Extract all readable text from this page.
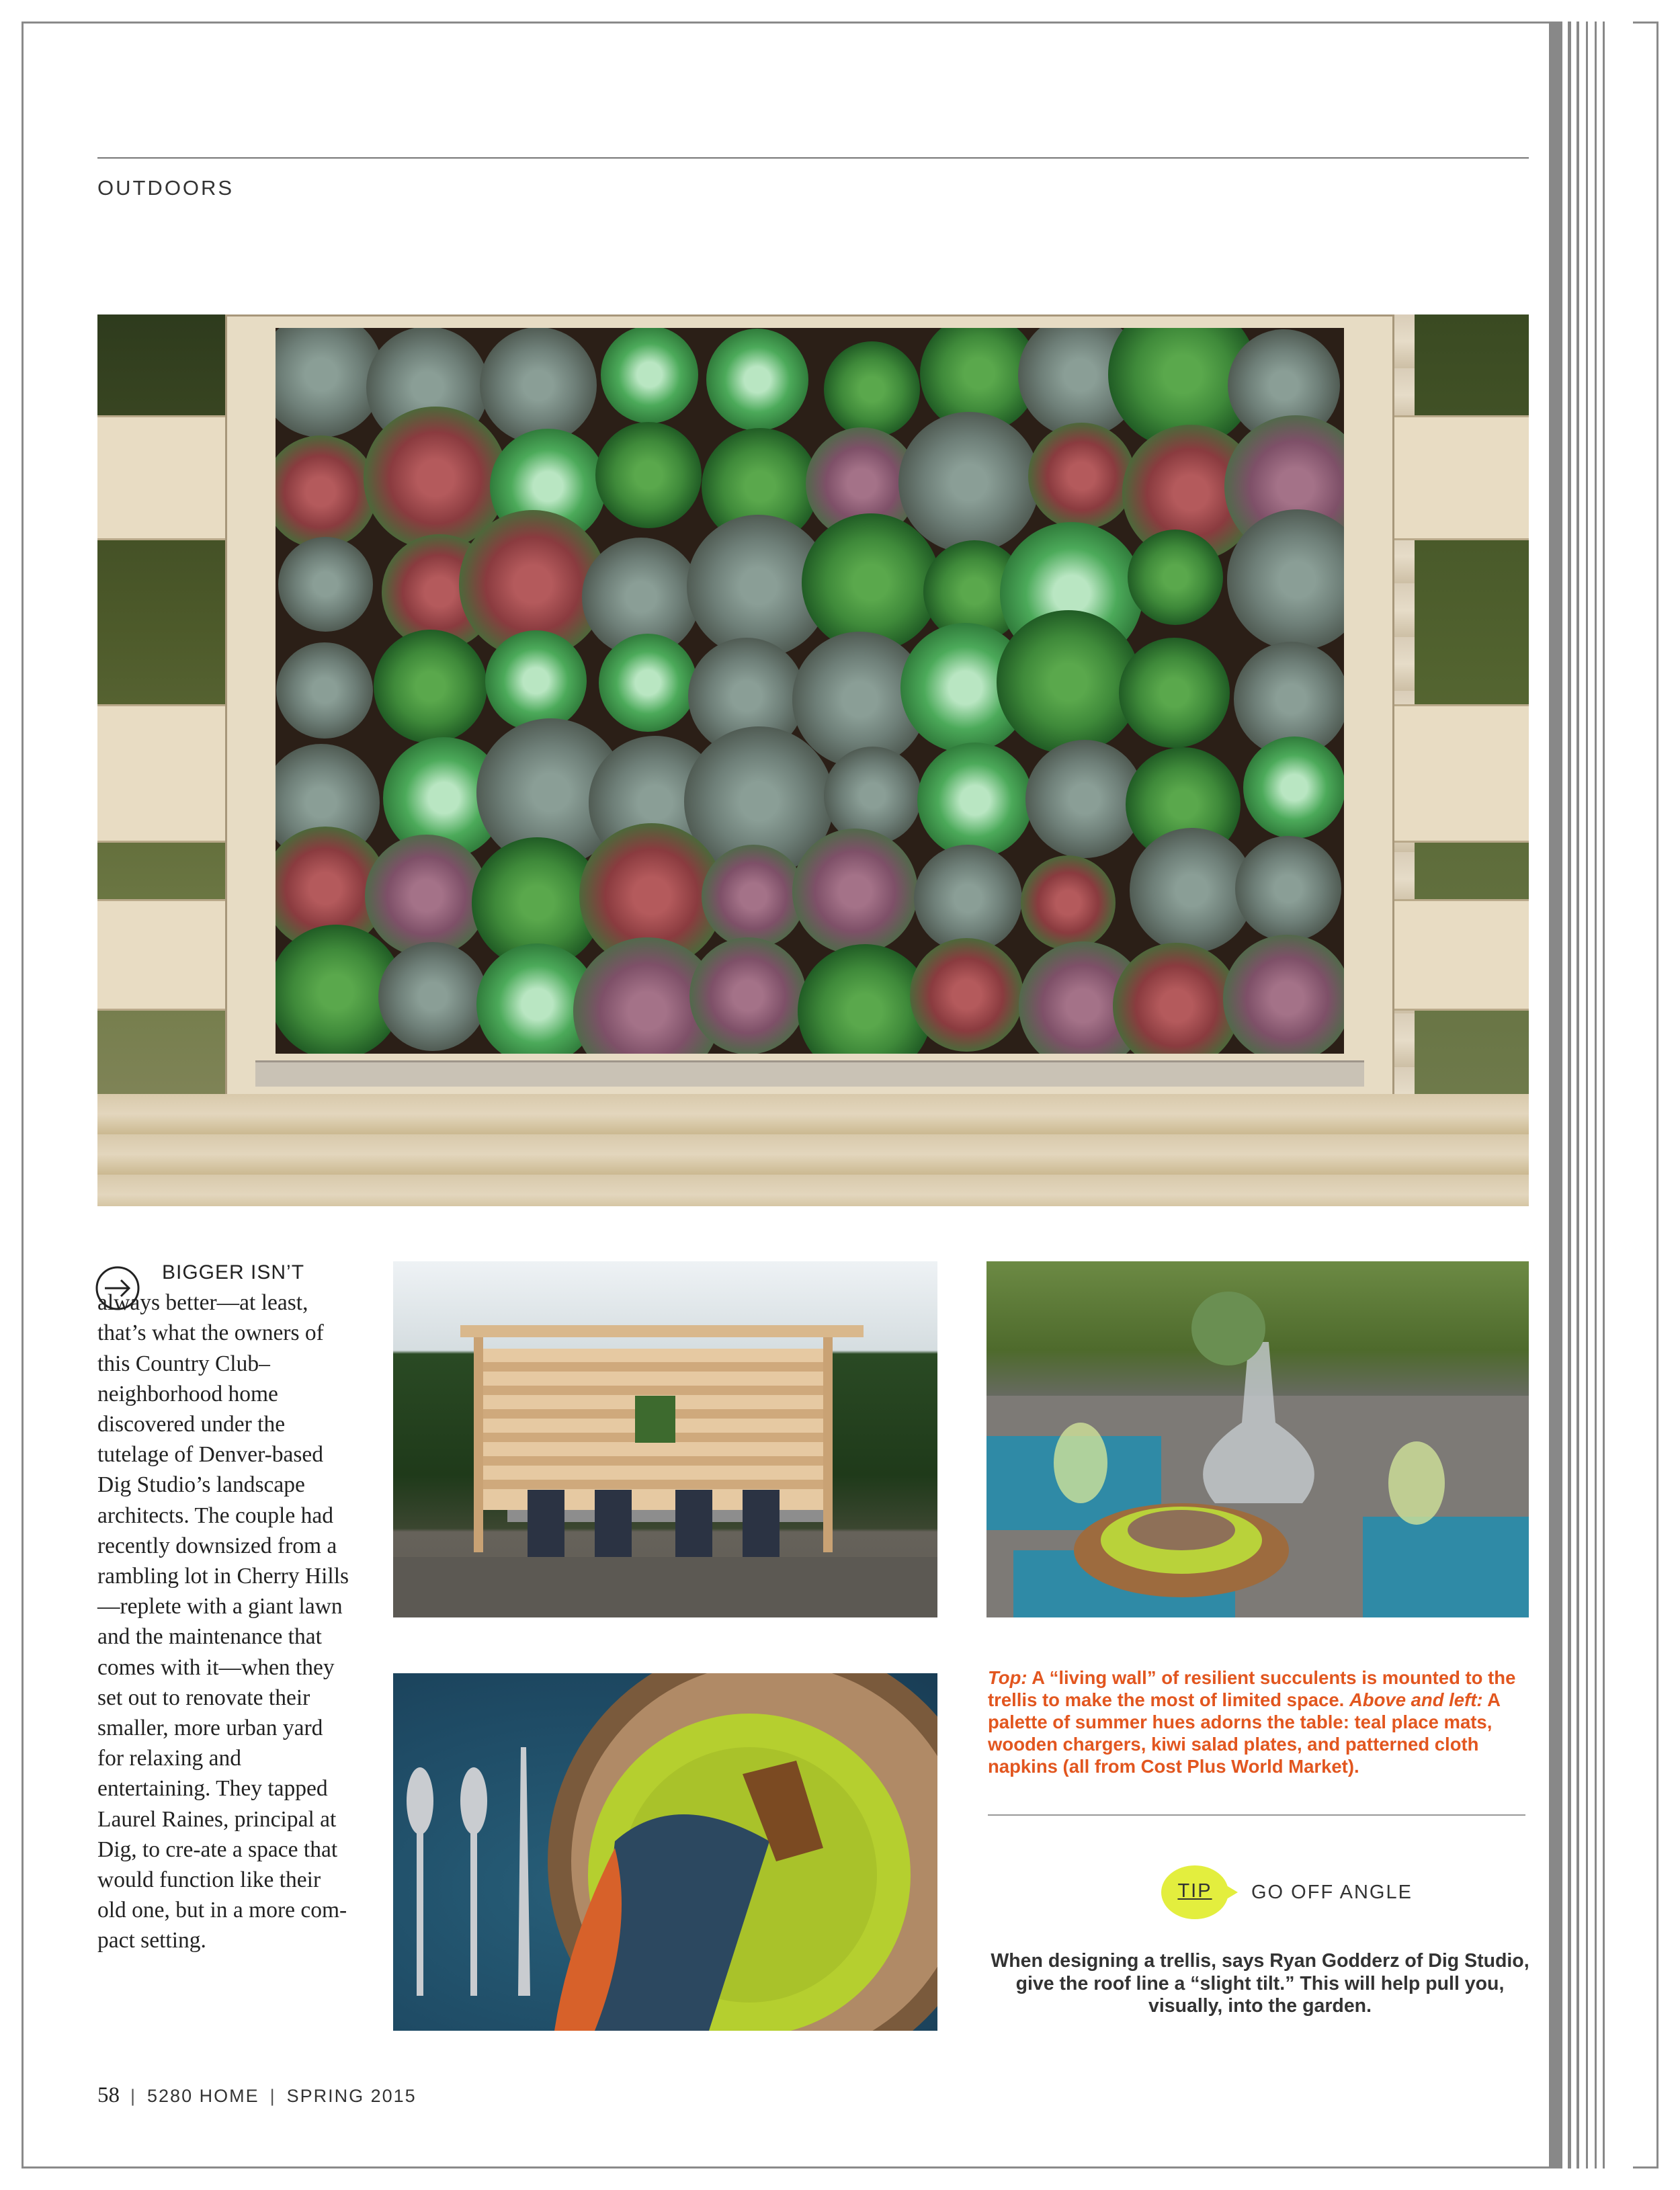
OUTDOORS
BIGGER ISN’T always better—at least, that’s what the owners of this Country Club–neighborhood home discovered under the tutelage of Denver-based Dig Studio’s landscape architects. The couple had recently downsized from a rambling lot in Cherry Hills—replete with a giant lawn and the maintenance that comes with it—when they set out to renovate their smaller, more urban yard for relaxing and entertaining. They tapped Laurel Raines, principal at Dig, to cre-ate a space that would function like their old one, but in a more com-pact setting.
Top: A “living wall” of resilient succulents is mounted to the trellis to make the most of limited space. Above and left: A palette of summer hues adorns the table: teal place mats, wooden chargers, kiwi salad plates, and patterned cloth napkins (all from Cost Plus World Market).
TIP	GO OFF ANGLE
When designing a trellis, says Ryan Godderz of Dig Studio, give the roof line a “slight tilt.” This will help pull you, visually, into the garden.
58 | 5280 HOME | SPRING 2015
